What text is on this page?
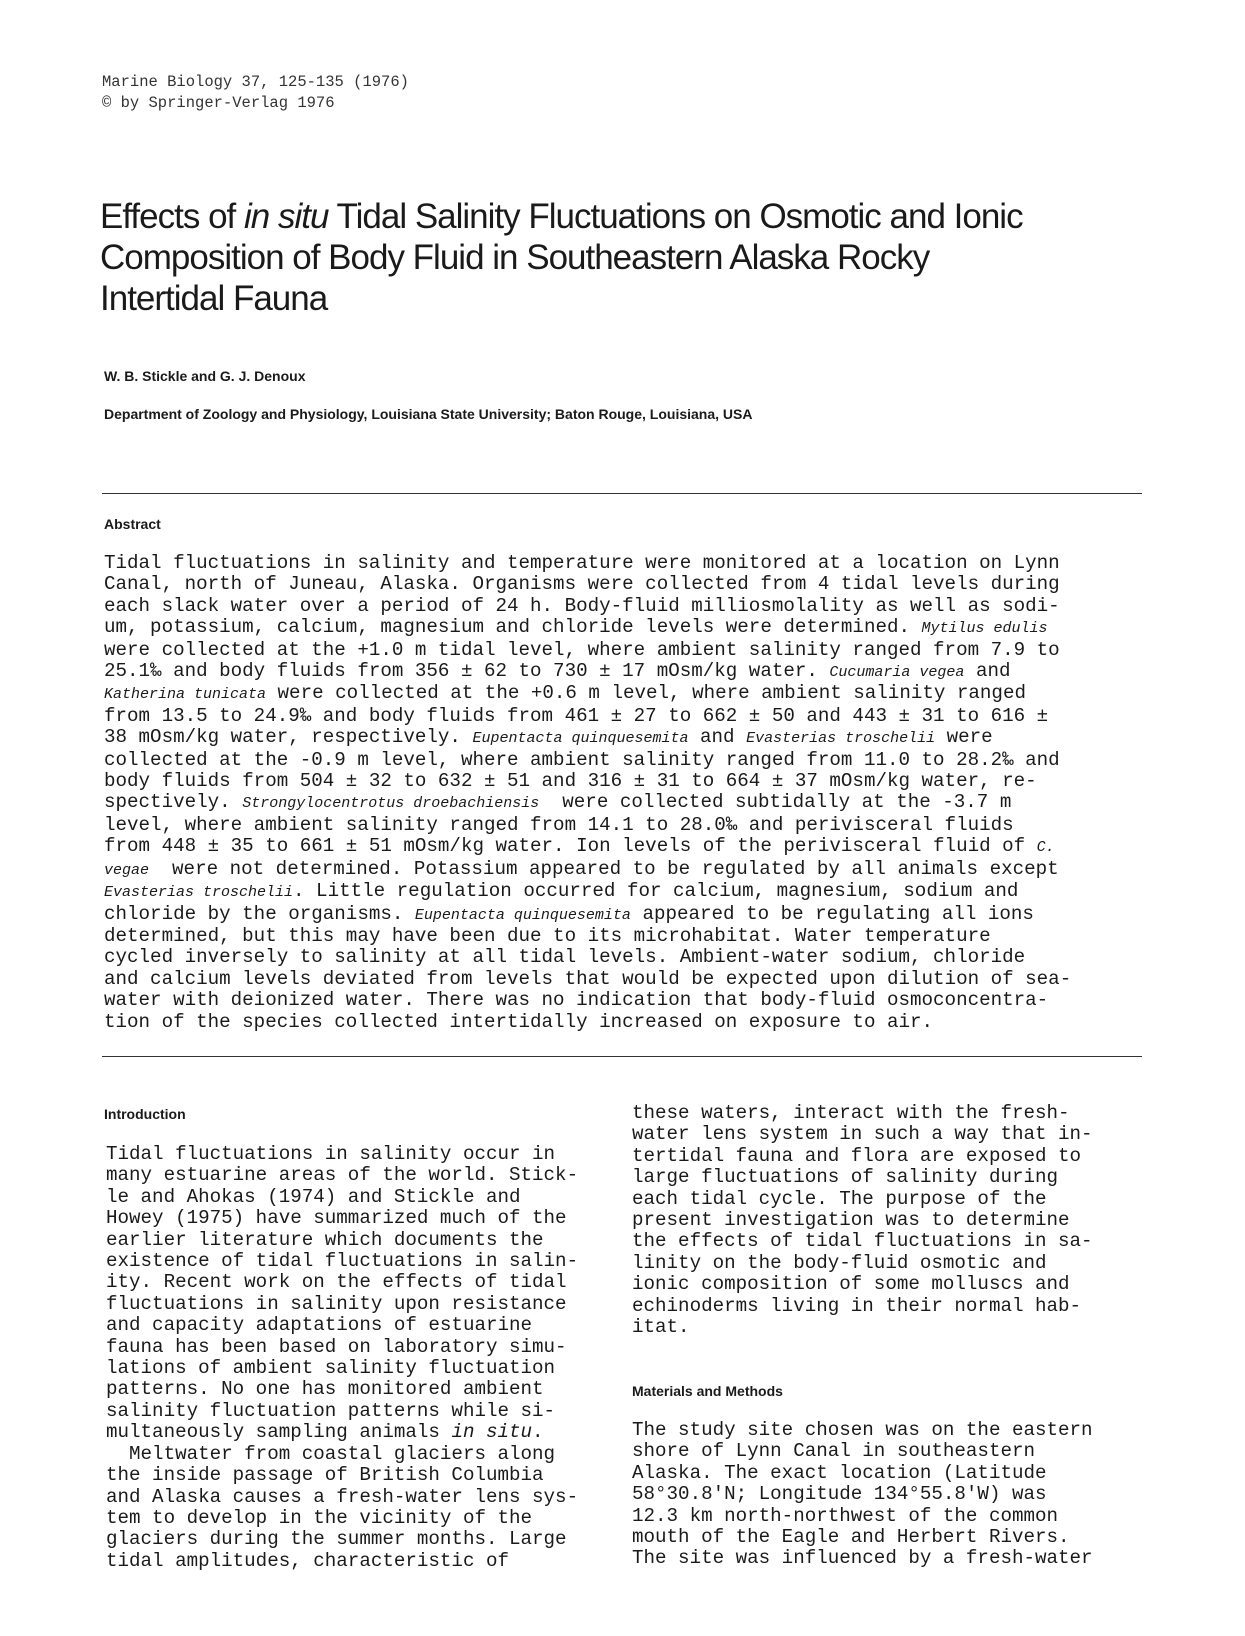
Marine Biology 37, 125-135 (1976)
© by Springer-Verlag 1976
Effects of in situ Tidal Salinity Fluctuations on Osmotic and Ionic Composition of Body Fluid in Southeastern Alaska Rocky Intertidal Fauna
W. B. Stickle and G. J. Denoux
Department of Zoology and Physiology, Louisiana State University; Baton Rouge, Louisiana, USA
Abstract
Tidal fluctuations in salinity and temperature were monitored at a location on Lynn
Canal, north of Juneau, Alaska. Organisms were collected from 4 tidal levels during
each slack water over a period of 24 h. Body-fluid milliosmolality as well as sodi-
um, potassium, calcium, magnesium and chloride levels were determined. Mytilus edulis
were collected at the +1.0 m tidal level, where ambient salinity ranged from 7.9 to
25.1‰ and body fluids from 356 ± 62 to 730 ± 17 mOsm/kg water. Cucumaria vegea and
Katherina tunicata were collected at the +0.6 m level, where ambient salinity ranged
from 13.5 to 24.9‰ and body fluids from 461 ± 27 to 662 ± 50 and 443 ± 31 to 616 ±
38 mOsm/kg water, respectively. Eupentacta quinquesemita and Evasterias troschelii were
collected at the -0.9 m level, where ambient salinity ranged from 11.0 to 28.2‰ and
body fluids from 504 ± 32 to 632 ± 51 and 316 ± 31 to 664 ± 37 mOsm/kg water, re-
spectively. Strongylocentrotus droebachiensis  were collected subtidally at the -3.7 m
level, where ambient salinity ranged from 14.1 to 28.0‰ and perivisceral fluids
from 448 ± 35 to 661 ± 51 mOsm/kg water. Ion levels of the perivisceral fluid of C.
vegae  were not determined. Potassium appeared to be regulated by all animals except
Evasterias troschelii. Little regulation occurred for calcium, magnesium, sodium and
chloride by the organisms. Eupentacta quinquesemita appeared to be regulating all ions
determined, but this may have been due to its microhabitat. Water temperature
cycled inversely to salinity at all tidal levels. Ambient-water sodium, chloride
and calcium levels deviated from levels that would be expected upon dilution of sea-
water with deionized water. There was no indication that body-fluid osmoconcentra-
tion of the species collected intertidally increased on exposure to air.
Introduction
Tidal fluctuations in salinity occur in
many estuarine areas of the world. Stick-
le and Ahokas (1974) and Stickle and
Howey (1975) have summarized much of the
earlier literature which documents the
existence of tidal fluctuations in salin-
ity. Recent work on the effects of tidal
fluctuations in salinity upon resistance
and capacity adaptations of estuarine
fauna has been based on laboratory simu-
lations of ambient salinity fluctuation
patterns. No one has monitored ambient
salinity fluctuation patterns while si-
multaneously sampling animals in situ.
Meltwater from coastal glaciers along
the inside passage of British Columbia
and Alaska causes a fresh-water lens sys-
tem to develop in the vicinity of the
glaciers during the summer months. Large
tidal amplitudes, characteristic of
these waters, interact with the fresh-
water lens system in such a way that in-
tertidal fauna and flora are exposed to
large fluctuations of salinity during
each tidal cycle. The purpose of the
present investigation was to determine
the effects of tidal fluctuations in sa-
linity on the body-fluid osmotic and
ionic composition of some molluscs and
echinoderms living in their normal hab-
itat.
Materials and Methods
The study site chosen was on the eastern
shore of Lynn Canal in southeastern
Alaska. The exact location (Latitude
58°30.8'N; Longitude 134°55.8'W) was
12.3 km north-northwest of the common
mouth of the Eagle and Herbert Rivers.
The site was influenced by a fresh-water
